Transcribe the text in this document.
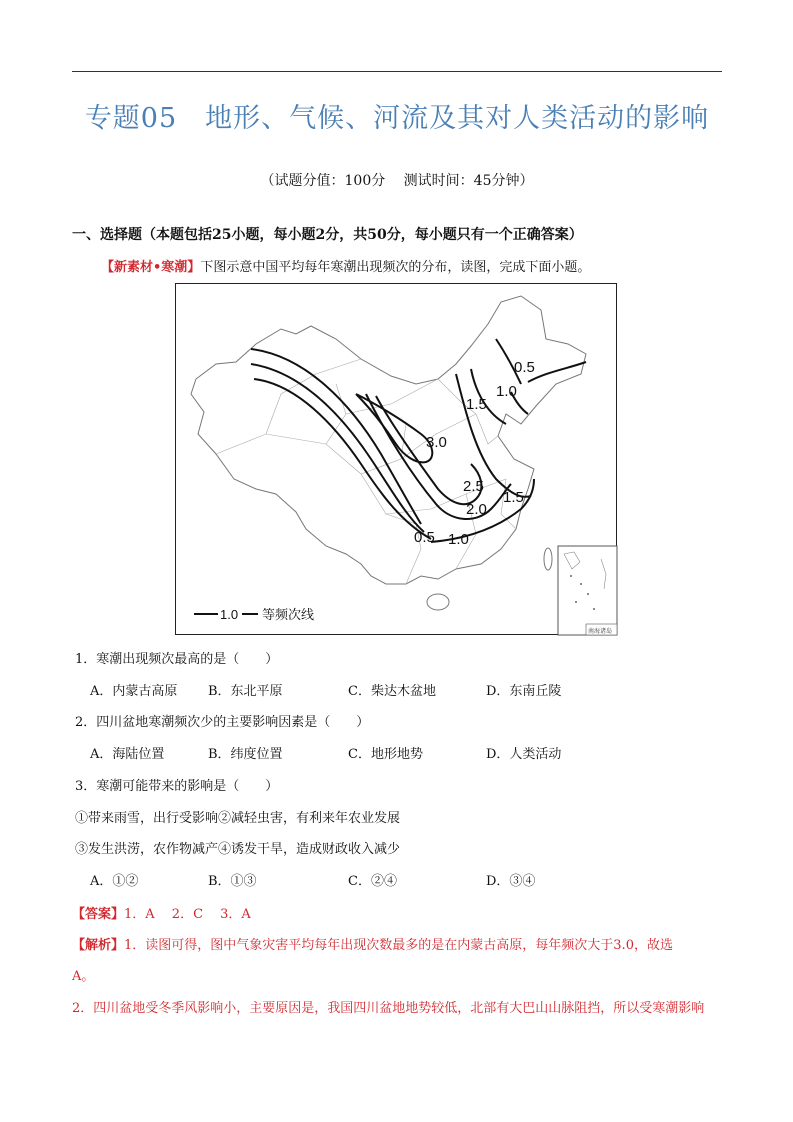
专题05　地形、气候、河流及其对人类活动的影响
（试题分值：100分　 测试时间：45分钟）
一、选择题（本题包括25小题，每小题2分，共50分，每小题只有一个正确答案）
【新素材•寒潮】下图示意中国平均每年寒潮出现频次的分布，读图，完成下面小题。
0.5
1.0
1.5
3.0
2.5
2.0
1.5
0.5 1.0
1.0 等频次线
南海诸岛
1．寒潮出现频次最高的是（　　）
A．内蒙古高原 B．东北平原	C．柴达木盆地	D．东南丘陵
2．四川盆地寒潮频次少的主要影响因素是（　　）
A．海陆位置	B．纬度位置	C．地形地势	D．人类活动
3．寒潮可能带来的影响是（　　）
①带来雨雪，出行受影响②减轻虫害，有利来年农业发展
③发生洪涝，农作物减产④诱发干旱，造成财政收入减少
A．①②	B．①③	C．②④	D．③④
【答案】1．A　 2．C　 3．A
【解析】1．读图可得，图中气象灾害平均每年出现次数最多的是在内蒙古高原，每年频次大于3.0，故选
A。
2．四川盆地受冬季风影响小，主要原因是，我国四川盆地地势较低，北部有大巴山山脉阻挡，所以受寒潮影响
